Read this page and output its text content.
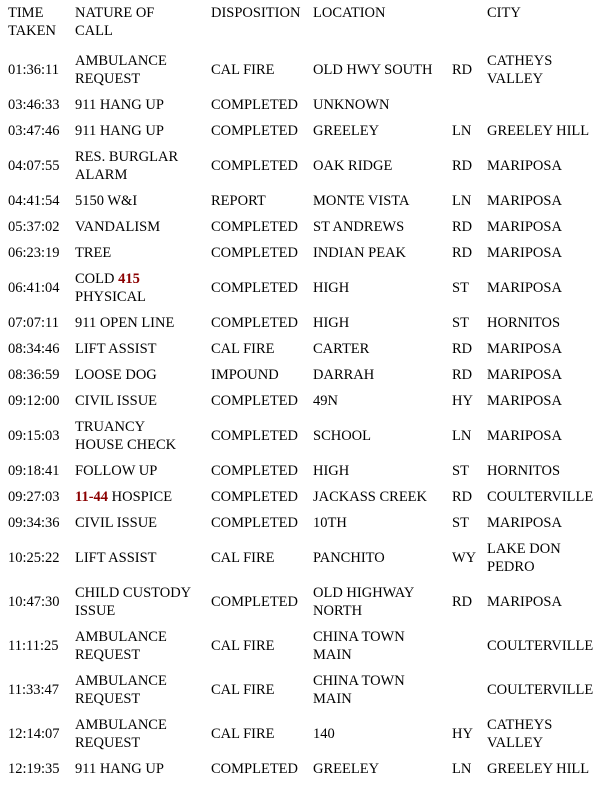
TIME
TAKEN	NATURE OF
CALL	DISPOSITION	LOCATION		CITY
01:36:11	AMBULANCE
REQUEST	CAL FIRE	OLD HWY SOUTH	RD	CATHEYS
VALLEY
03:46:33	911 HANG UP	COMPLETED	UNKNOWN		
03:47:46	911 HANG UP	COMPLETED	GREELEY	LN	GREELEY HILL
04:07:55	RES. BURGLAR
ALARM	COMPLETED	OAK RIDGE	RD	MARIPOSA
04:41:54	5150 W&I	REPORT	MONTE VISTA	LN	MARIPOSA
05:37:02	VANDALISM	COMPLETED	ST ANDREWS	RD	MARIPOSA
06:23:19	TREE	COMPLETED	INDIAN PEAK	RD	MARIPOSA
06:41:04	COLD 415
PHYSICAL	COMPLETED	HIGH	ST	MARIPOSA
07:07:11	911 OPEN LINE	COMPLETED	HIGH	ST	HORNITOS
08:34:46	LIFT ASSIST	CAL FIRE	CARTER	RD	MARIPOSA
08:36:59	LOOSE DOG	IMPOUND	DARRAH	RD	MARIPOSA
09:12:00	CIVIL ISSUE	COMPLETED	49N	HY	MARIPOSA
09:15:03	TRUANCY
HOUSE CHECK	COMPLETED	SCHOOL	LN	MARIPOSA
09:18:41	FOLLOW UP	COMPLETED	HIGH	ST	HORNITOS
09:27:03	11-44 HOSPICE	COMPLETED	JACKASS CREEK	RD	COULTERVILLE
09:34:36	CIVIL ISSUE	COMPLETED	10TH	ST	MARIPOSA
10:25:22	LIFT ASSIST	CAL FIRE	PANCHITO	WY	LAKE DON
PEDRO
10:47:30	CHILD CUSTODY
ISSUE	COMPLETED	OLD HIGHWAY
NORTH	RD	MARIPOSA
11:11:25	AMBULANCE
REQUEST	CAL FIRE	CHINA TOWN
MAIN		COULTERVILLE
11:33:47	AMBULANCE
REQUEST	CAL FIRE	CHINA TOWN
MAIN		COULTERVILLE
12:14:07	AMBULANCE
REQUEST	CAL FIRE	140	HY	CATHEYS
VALLEY
12:19:35	911 HANG UP	COMPLETED	GREELEY	LN	GREELEY HILL
